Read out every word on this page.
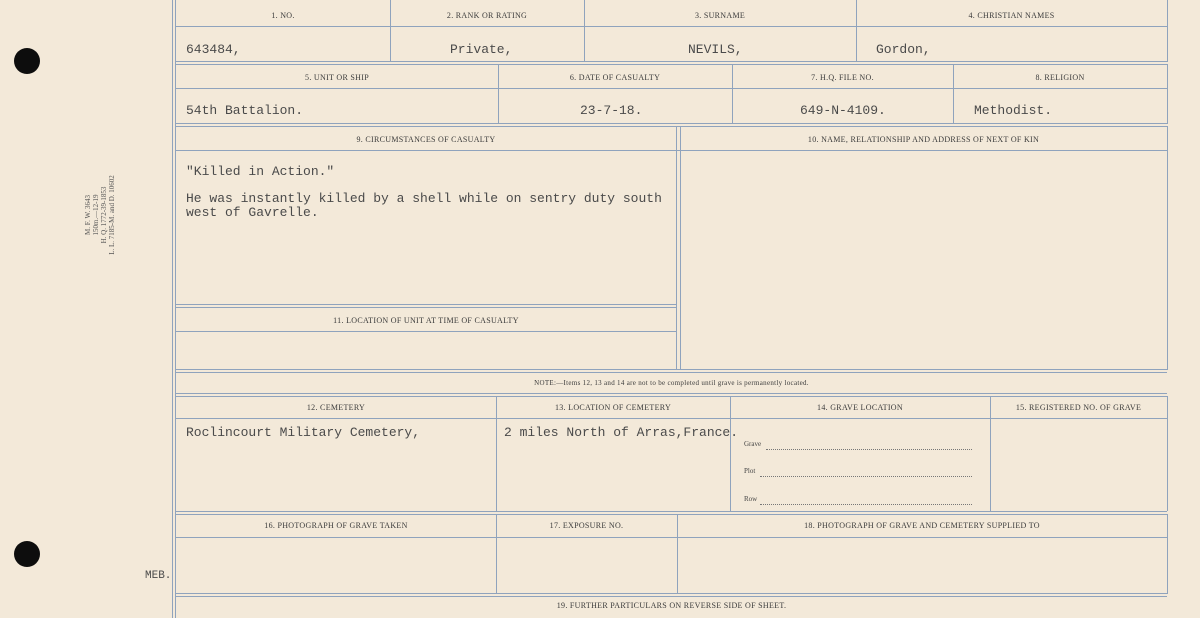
M. F. W. 3643 150m.—12-19 H. Q. 1772-39-1853 L. L. 7185-M. and D. 10602
1. NO.	2. RANK OR RATING	3. SURNAME	4. CHRISTIAN NAMES
643484,	Private,	NEVILS,	Gordon,
5. UNIT OR SHIP	6. DATE OF CASUALTY	7. H.Q. FILE NO.	8. RELIGION
54th Battalion.	23-7-18.	649-N-4109.	Methodist.
9. CIRCUMSTANCES OF CASUALTY	10. NAME, RELATIONSHIP AND ADDRESS OF NEXT OF KIN
"Killed in Action."
He was instantly killed by a shell while on sentry duty south
west of Gavrelle.
11. LOCATION OF UNIT AT TIME OF CASUALTY
NOTE:—Items 12, 13 and 14 are not to be completed until grave is permanently located.
12. CEMETERY	13. LOCATION OF CEMETERY	14. GRAVE LOCATION	15. REGISTERED NO. OF GRAVE
Roclincourt Military Cemetery,	2 miles North of Arras,France.
Grave
Plot
Row
16. PHOTOGRAPH OF GRAVE TAKEN	17. EXPOSURE NO.	18. PHOTOGRAPH OF GRAVE AND CEMETERY SUPPLIED TO
MEB.
19. FURTHER PARTICULARS ON REVERSE SIDE OF SHEET.
